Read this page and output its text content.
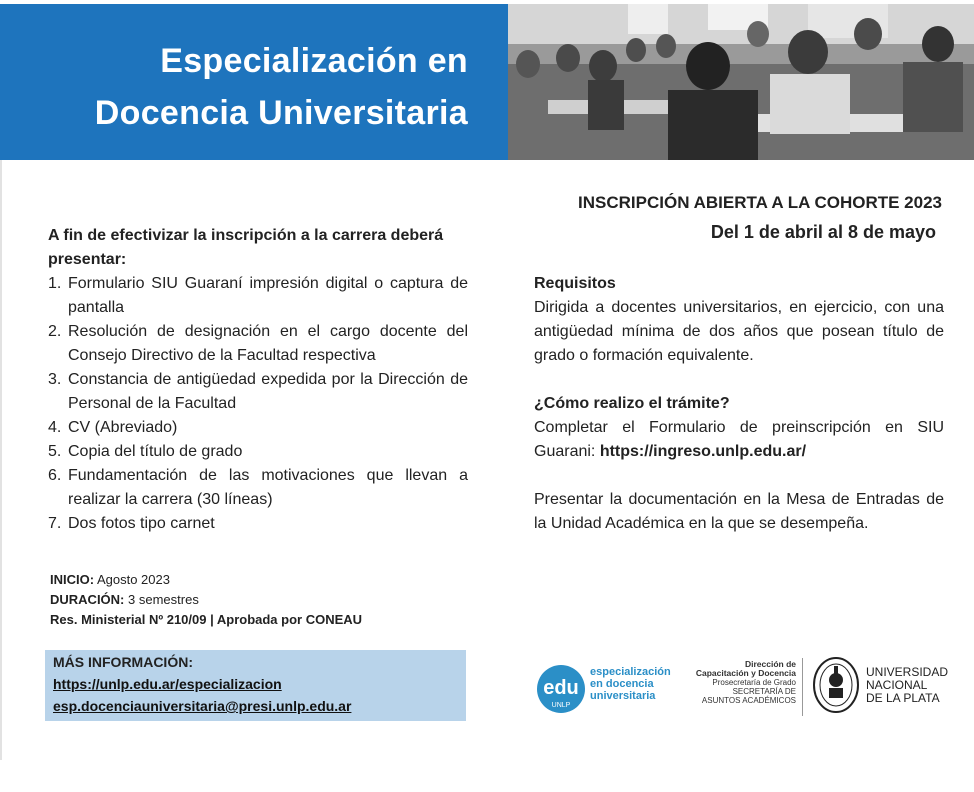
Especialización en
Docencia Universitaria
A fin de efectivizar la inscripción a la carrera deberá presentar:
1. Formulario SIU Guaraní impresión digital o captura de pantalla
2. Resolución de designación en el cargo docente del Consejo Directivo de la Facultad respectiva
3. Constancia de antigüedad expedida por la Dirección de Personal de la Facultad
4. CV (Abreviado)
5. Copia del título de grado
6. Fundamentación de las motivaciones que llevan a realizar la carrera (30 líneas)
7. Dos fotos tipo carnet
INICIO: Agosto 2023
DURACIÓN: 3 semestres
Res. Ministerial Nº 210/09 | Aprobada por CONEAU
MÁS INFORMACIÓN:
https://unlp.edu.ar/especializacion
esp.docenciauniversitaria@presi.unlp.edu.ar
INSCRIPCIÓN ABIERTA A LA COHORTE 2023
Del 1 de abril al 8 de mayo

Requisitos

Dirigida a docentes universitarios, en ejercicio, con una antigüedad mínima de dos años que posean título de grado o formación equivalente.

¿Cómo realizo el trámite?

Completar el Formulario de preinscripción en SIU Guarani: https://ingreso.unlp.edu.ar/

Presentar la documentación en la Mesa de Entradas de la Unidad Académica en la que se desempeña.

edu
UNLP
especialización
en docencia
universitaria
Dirección de
Capacitación y Docencia
Prosecretaría de Grado
SECRETARÍA DE
ASUNTOS ACADÉMICOS
UNIVERSIDAD
NACIONAL
DE LA PLATA
